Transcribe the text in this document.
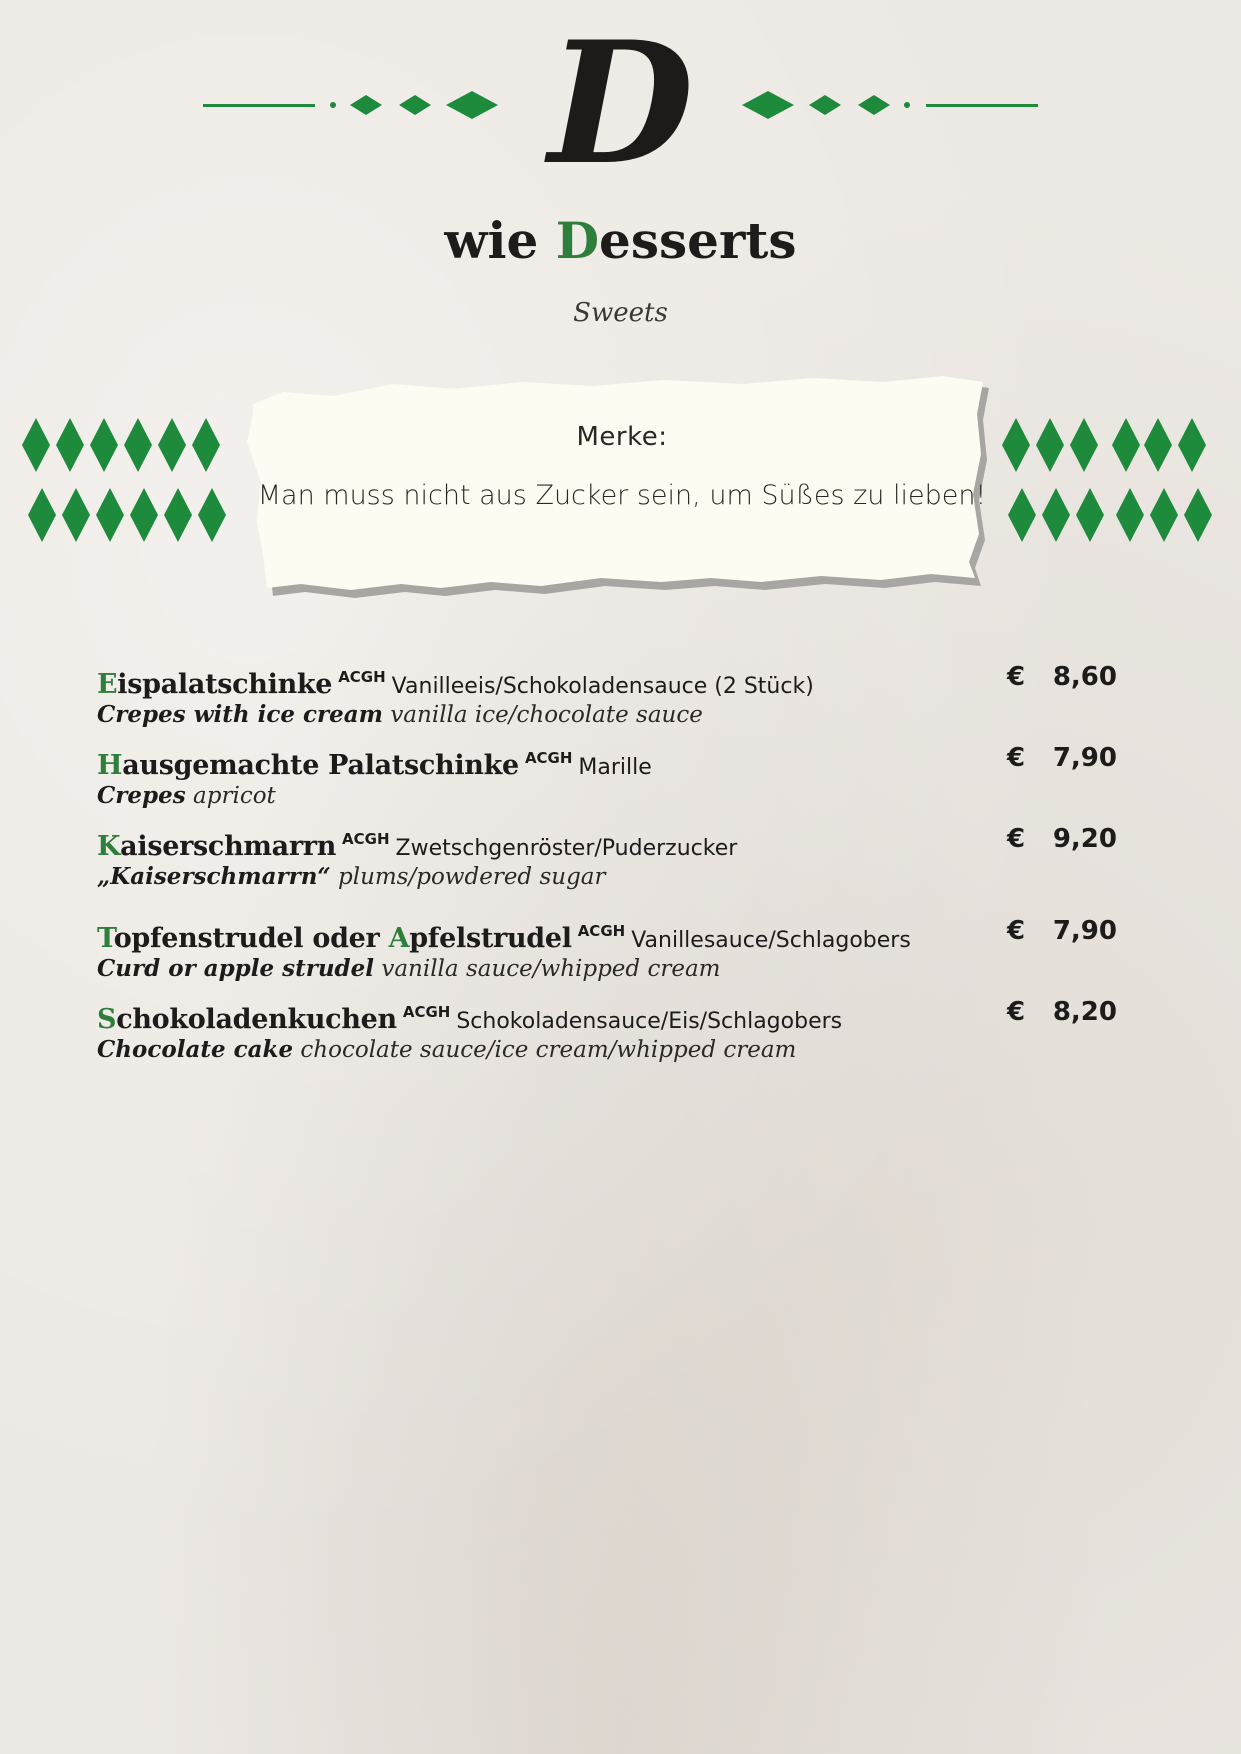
D
wie Desserts
Sweets
Merke:
Man muss nicht aus Zucker sein, um Süßes zu lieben!
Eispalatschinke ACGH Vanilleeis/Schokoladensauce (2 Stück)	€ 8,60
Crepes with ice cream vanilla ice/chocolate sauce
Hausgemachte Palatschinke ACGH Marille	€ 7,90
Crepes apricot
Kaiserschmarrn ACGH Zwetschgenröster/Puderzucker	€ 9,20
„Kaiserschmarrn“ plums/powdered sugar
Topfenstrudel oder Apfelstrudel ACGH Vanillesauce/Schlagobers	€ 7,90
Curd or apple strudel vanilla sauce/whipped cream
Schokoladenkuchen ACGH Schokoladensauce/Eis/Schlagobers	€ 8,20
Chocolate cake chocolate sauce/ice cream/whipped cream
